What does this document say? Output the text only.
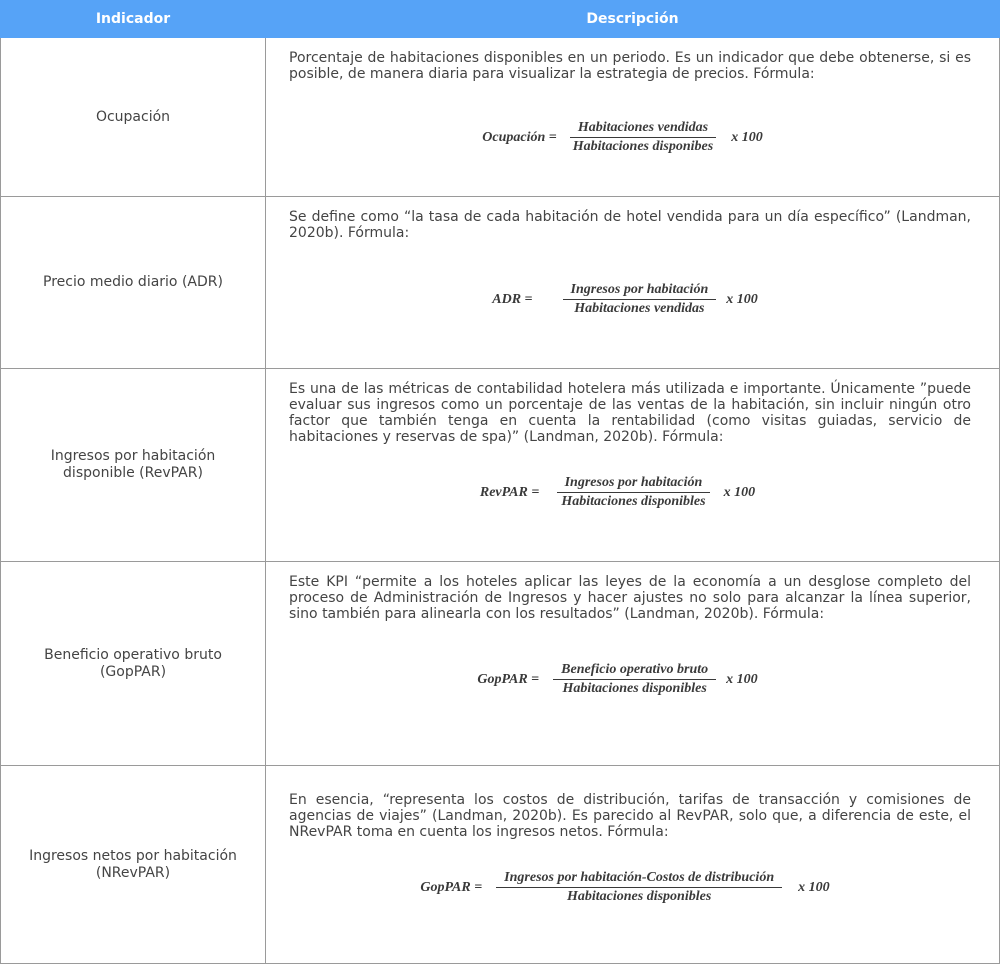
Indicador	Descripción
Ocupación	Porcentaje de habitaciones disponibles en un periodo. Es un indicador que debe obtenerse, si es posible, de manera diaria para visualizar la estrategia de precios. Fórmula:
Ocupación = $\frac{\text{Habitaciones vendidas}}{\text{Habitaciones disponibes}}$ x 100

Precio medio diario (ADR)	Se define como “la tasa de cada habitación de hotel vendida para un día específico” (Landman, 2020b). Fórmula:
ADR = $\frac{\text{Ingresos por habitación}}{\text{Habitaciones vendidas}}$ x 100

Ingresos por habitación disponible (RevPAR)	Es una de las métricas de contabilidad hotelera más utilizada e importante. Únicamente ”puede evaluar sus ingresos como un porcentaje de las ventas de la habitación, sin incluir ningún otro factor que también tenga en cuenta la rentabilidad (como visitas guiadas, servicio de habitaciones y reservas de spa)” (Landman, 2020b). Fórmula:
RevPAR = $\frac{\text{Ingresos por habitación}}{\text{Habitaciones disponibles}}$ x 100

Beneficio operativo bruto (GopPAR)	Este KPI “permite a los hoteles aplicar las leyes de la economía a un desglose completo del proceso de Administración de Ingresos y hacer ajustes no solo para alcanzar la línea superior, sino también para alinearla con los resultados” (Landman, 2020b). Fórmula:
GopPAR = $\frac{\text{Beneficio operativo bruto}}{\text{Habitaciones disponibles}}$ x 100

Ingresos netos por habitación (NRevPAR)	En esencia, “representa los costos de distribución, tarifas de transacción y comisiones de agencias de viajes” (Landman, 2020b). Es parecido al RevPAR, solo que, a diferencia de este, el NRevPAR toma en cuenta los ingresos netos. Fórmula:
GopPAR = $\frac{\text{Ingresos por habitación-Costos de distribución}}{\text{Habitaciones disponibles}}$ x 100
